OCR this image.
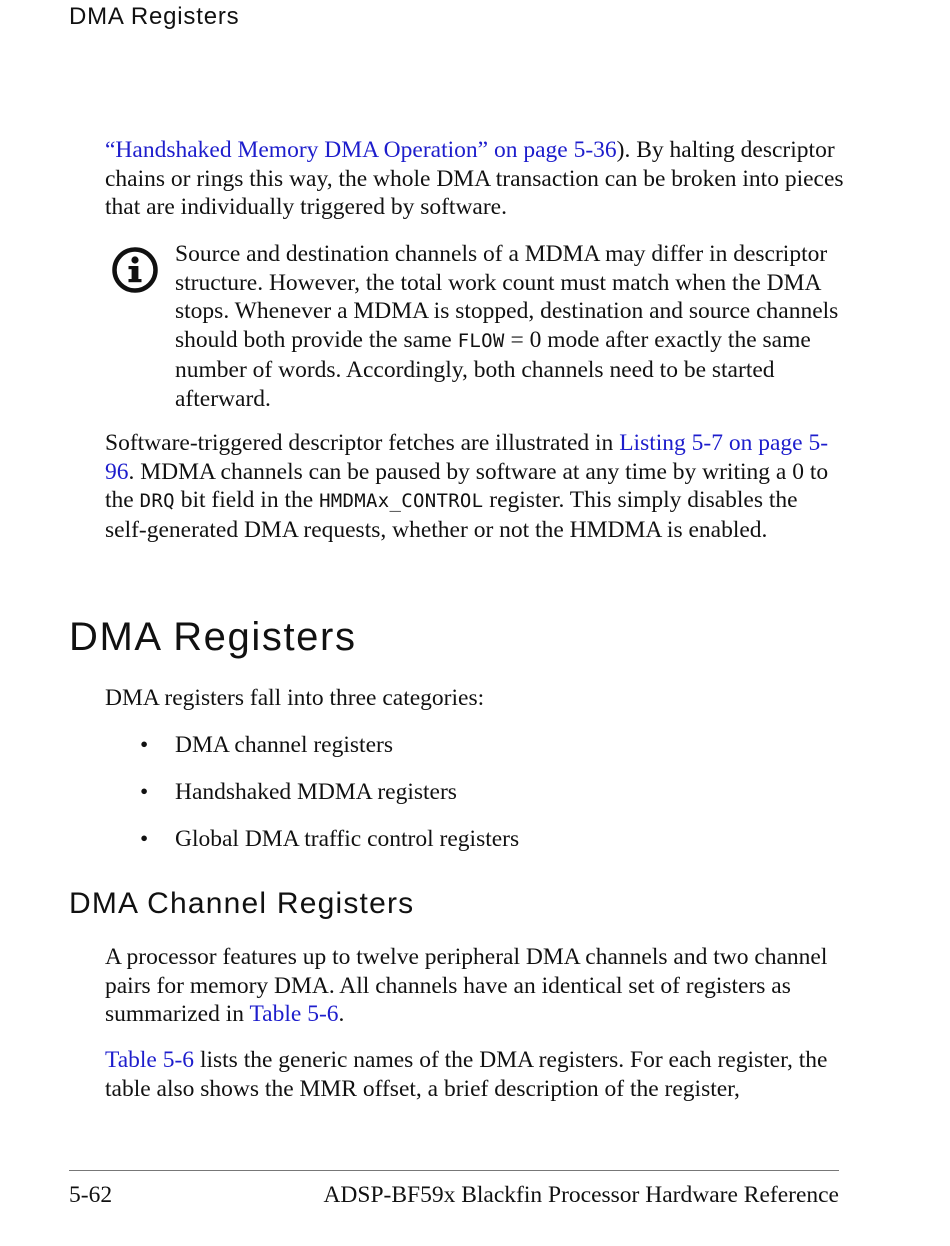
DMA Registers

“Handshaked Memory DMA Operation” on page 5-36). By halting descriptor chains or rings this way, the whole DMA transaction can be broken into pieces that are individually triggered by software.

Source and destination channels of a MDMA may differ in descriptor structure. However, the total work count must match when the DMA stops. Whenever a MDMA is stopped, destination and source channels should both provide the same FLOW = 0 mode after exactly the same number of words. Accordingly, both channels need to be started afterward.

Software-triggered descriptor fetches are illustrated in Listing 5-7 on page 5-96. MDMA channels can be paused by software at any time by writing a 0 to the DRQ bit field in the HMDMAx_CONTROL register. This simply disables the self-generated DMA requests, whether or not the HMDMA is enabled.

DMA Registers

DMA registers fall into three categories:

•	DMA channel registers
•	Handshaked MDMA registers
•	Global DMA traffic control registers
DMA Channel Registers

A processor features up to twelve peripheral DMA channels and two channel pairs for memory DMA. All channels have an identical set of registers as summarized in Table 5-6.

Table 5-6 lists the generic names of the DMA registers. For each register, the table also shows the MMR offset, a brief description of the register,

5-62	ADSP-BF59x Blackfin Processor Hardware Reference
